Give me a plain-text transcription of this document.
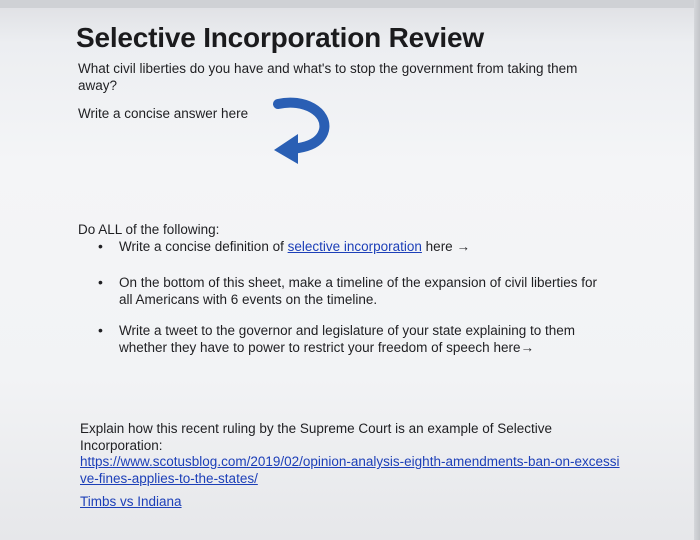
Selective Incorporation Review
What civil liberties do you have and what's to stop the government from taking them away?
Write a concise answer here
Do ALL of the following:
• Write a concise definition of selective incorporation here →
• On the bottom of this sheet, make a timeline of the expansion of civil liberties for all Americans with 6 events on the timeline.
• Write a tweet to the governor and legislature of your state explaining to them whether they have to power to restrict your freedom of speech here→
Explain how this recent ruling by the Supreme Court is an example of Selective Incorporation:
https://www.scotusblog.com/2019/02/opinion-analysis-eighth-amendments-ban-on-excessive-fines-applies-to-the-states/
Timbs vs Indiana
